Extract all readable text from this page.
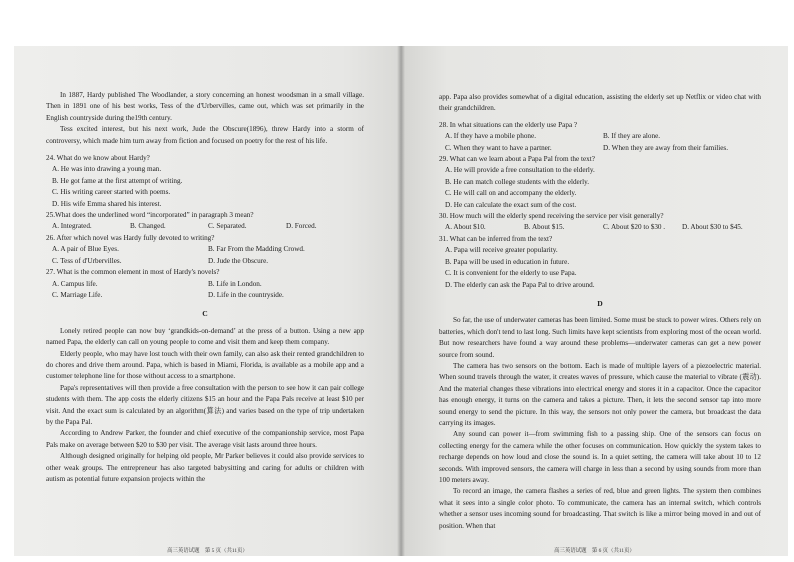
In 1887, Hardy published The Woodlander, a story concerning an honest woodsman in a small village. Then in 1891 one of his best works, Tess of the d'Urbervilles, came out, which was set primarily in the English countryside during the19th century.

Tess excited interest, but his next work, Jude the Obscure(1896), threw Hardy into a storm of controversy, which made him turn away from fiction and focused on poetry for the rest of his life.

24. What do we know about Hardy?

A. He was into drawing a young man.

B. He got fame at the first attempt of writing.

C. His writing career started with poems.

D. His wife Emma shared his interest.

25.What does the underlined word “incorporated” in paragraph 3 mean?

A. Integrated.	B. Changed.	C. Separated.	D. Forced.

26. After which novel was Hardy fully devoted to writing?

A. A pair of Blue Eyes.	B. Far From the Madding Crowd.
C. Tess of d'Urbervilles.	D. Jude the Obscure.

27. What is the common element in most of Hardy's novels?

A. Campus life.	B. Life in London.
C. Marriage Life.	D. Life in the countryside.
C

Lonely retired people can now buy ‘grandkids-on-demand’ at the press of a button. Using a new app named Papa, the elderly can call on young people to come and visit them and keep them company.

Elderly people, who may have lost touch with their own family, can also ask their rented grandchildren to do chores and drive them around. Papa, which is based in Miami, Florida, is available as a mobile app and a customer telephone line for those without access to a smartphone.

Papa's representatives will then provide a free consultation with the person to see how it can pair college students with them. The app costs the elderly citizens $15 an hour and the Papa Pals receive at least $10 per visit. And the exact sum is calculated by an algorithm(算法) and varies based on the type of trip undertaken by the Papa Pal.

According to Andrew Parker, the founder and chief executive of the companionship service, most Papa Pals make on average between $20 to $30 per visit. The average visit lasts around three hours.

Although designed originally for helping old people, Mr Parker believes it could also provide services to other weak groups. The entrepreneur has also targeted babysitting and caring for adults or children with autism as potential future expansion projects within the

高三英语试题　第 5 页（共11页）

app. Papa also provides somewhat of a digital education, assisting the elderly set up Netflix or video chat with their grandchildren.

28. In what situations can the elderly use Papa ?

A. If they have a mobile phone.	B. If they are alone.
C. When they want to have a partner.	D. When they are away from their families.

29. What can we learn about a Papa Pal from the text?

A. He will provide a free consultation to the elderly.

B. He can match college students with the elderly.

C. He will call on and accompany the elderly.

D. He can calculate the exact sum of the cost.

30. How much will the elderly spend receiving the service per visit generally?

A. About $10.	B. About $15.	C. About $20 to $30 .	D. About $30 to $45.

31. What can be inferred from the text?

A. Papa will receive greater popularity.

B. Papa will be used in education in future.

C. It is convenient for the elderly to use Papa.

D. The elderly can ask the Papa Pal to drive around.

D

So far, the use of underwater cameras has been limited. Some must be stuck to power wires. Others rely on batteries, which don't tend to last long. Such limits have kept scientists from exploring most of the ocean world. But now researchers have found a way around these problems—underwater cameras can get a new power source from sound.

The camera has two sensors on the bottom. Each is made of multiple layers of a piezoelectric material. When sound travels through the water, it creates waves of pressure, which cause the material to vibrate (震动). And the material changes these vibrations into electrical energy and stores it in a capacitor. Once the capacitor has enough energy, it turns on the camera and takes a picture. Then, it lets the second sensor tap into more sound energy to send the picture. In this way, the sensors not only power the camera, but broadcast the data carrying its images.

Any sound can power it—from swimming fish to a passing ship. One of the sensors can focus on collecting energy for the camera while the other focuses on communication. How quickly the system takes to recharge depends on how loud and close the sound is. In a quiet setting, the camera will take about 10 to 12 seconds. With improved sensors, the camera will charge in less than a second by using sounds from more than 100 meters away.

To record an image, the camera flashes a series of red, blue and green lights. The system then combines what it sees into a single color photo. To communicate, the camera has an internal switch, which controls whether a sensor uses incoming sound for broadcasting. That switch is like a mirror being moved in and out of position. When that

高三英语试题　第 6 页（共11页）
